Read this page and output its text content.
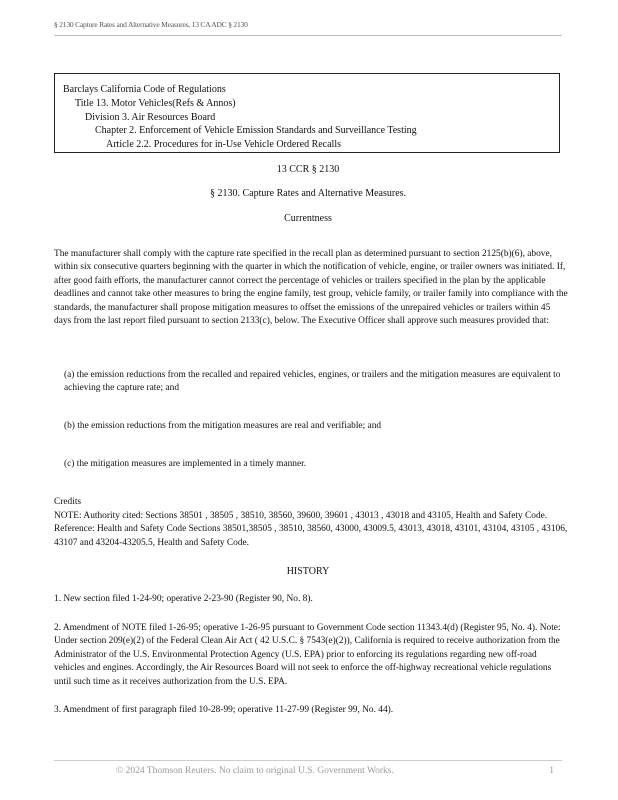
§ 2130 Capture Rates and Alternative Measures, 13 CA ADC § 2130
Barclays California Code of Regulations
Title 13. Motor Vehicles(Refs & Annos)
Division 3. Air Resources Board
Chapter 2. Enforcement of Vehicle Emission Standards and Surveillance Testing
Article 2.2. Procedures for in-Use Vehicle Ordered Recalls
13 CCR § 2130
§ 2130. Capture Rates and Alternative Measures.
Currentness
The manufacturer shall comply with the capture rate specified in the recall plan as determined pursuant to section 2125(b)(6), above, within six consecutive quarters beginning with the quarter in which the notification of vehicle, engine, or trailer owners was initiated. If, after good faith efforts, the manufacturer cannot correct the percentage of vehicles or trailers specified in the plan by the applicable deadlines and cannot take other measures to bring the engine family, test group, vehicle family, or trailer family into compliance with the standards, the manufacturer shall propose mitigation measures to offset the emissions of the unrepaired vehicles or trailers within 45 days from the last report filed pursuant to section 2133(c), below. The Executive Officer shall approve such measures provided that:
(a) the emission reductions from the recalled and repaired vehicles, engines, or trailers and the mitigation measures are equivalent to achieving the capture rate; and
(b) the emission reductions from the mitigation measures are real and verifiable; and
(c) the mitigation measures are implemented in a timely manner.
Credits
NOTE: Authority cited: Sections 38501 , 38505 , 38510, 38560, 39600, 39601 , 43013 , 43018 and 43105, Health and Safety Code. Reference: Health and Safety Code Sections 38501,38505 , 38510, 38560, 43000, 43009.5, 43013, 43018, 43101, 43104, 43105 , 43106, 43107 and 43204-43205.5, Health and Safety Code.
HISTORY
1. New section filed 1-24-90; operative 2-23-90 (Register 90, No. 8).
2. Amendment of NOTE filed 1-26-95; operative 1-26-95 pursuant to Government Code section 11343.4(d) (Register 95, No. 4). Note: Under section 209(e)(2) of the Federal Clean Air Act ( 42 U.S.C. § 7543(e)(2)), California is required to receive authorization from the Administrator of the U.S. Environmental Protection Agency (U.S. EPA) prior to enforcing its regulations regarding new off-road vehicles and engines. Accordingly, the Air Resources Board will not seek to enforce the off-highway recreational vehicle regulations until such time as it receives authorization from the U.S. EPA.
3. Amendment of first paragraph filed 10-28-99; operative 11-27-99 (Register 99, No. 44).
© 2024 Thomson Reuters. No claim to original U.S. Government Works.	1
